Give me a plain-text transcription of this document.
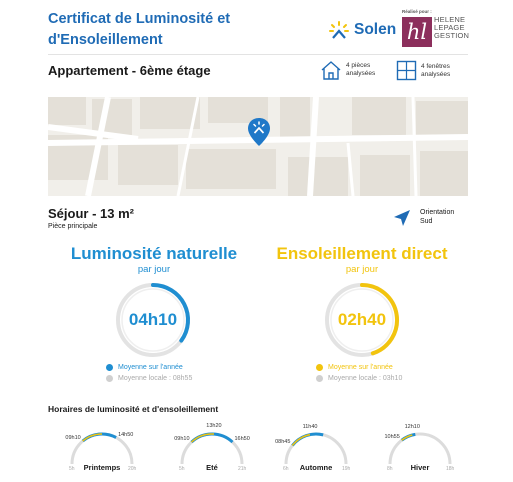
Certificat de Luminosité et d'Ensoleillement
Solen
Réalisé pour :
hl
HELENE
LEPAGE
GESTION
Appartement - 6ème étage	4 pièces analysées
4 fenêtres analysées
Séjour - 13 m²
Pièce principale
Orientation
Sud
Luminosité naturelle
par jour
04h10
Moyenne sur l'année
Moyenne locale : 08h55
Ensoleillement direct
par jour
02h40
Moyenne sur l'année
Moyenne locale : 03h10
Horaires de luminosité et d'ensoleillement
09h10
14h50
5h	20h
Printemps
09h10
13h20
16h50
5h	21h
Eté
08h45
11h40
6h	19h
Automne
10h55
12h10
8h	18h
Hiver
